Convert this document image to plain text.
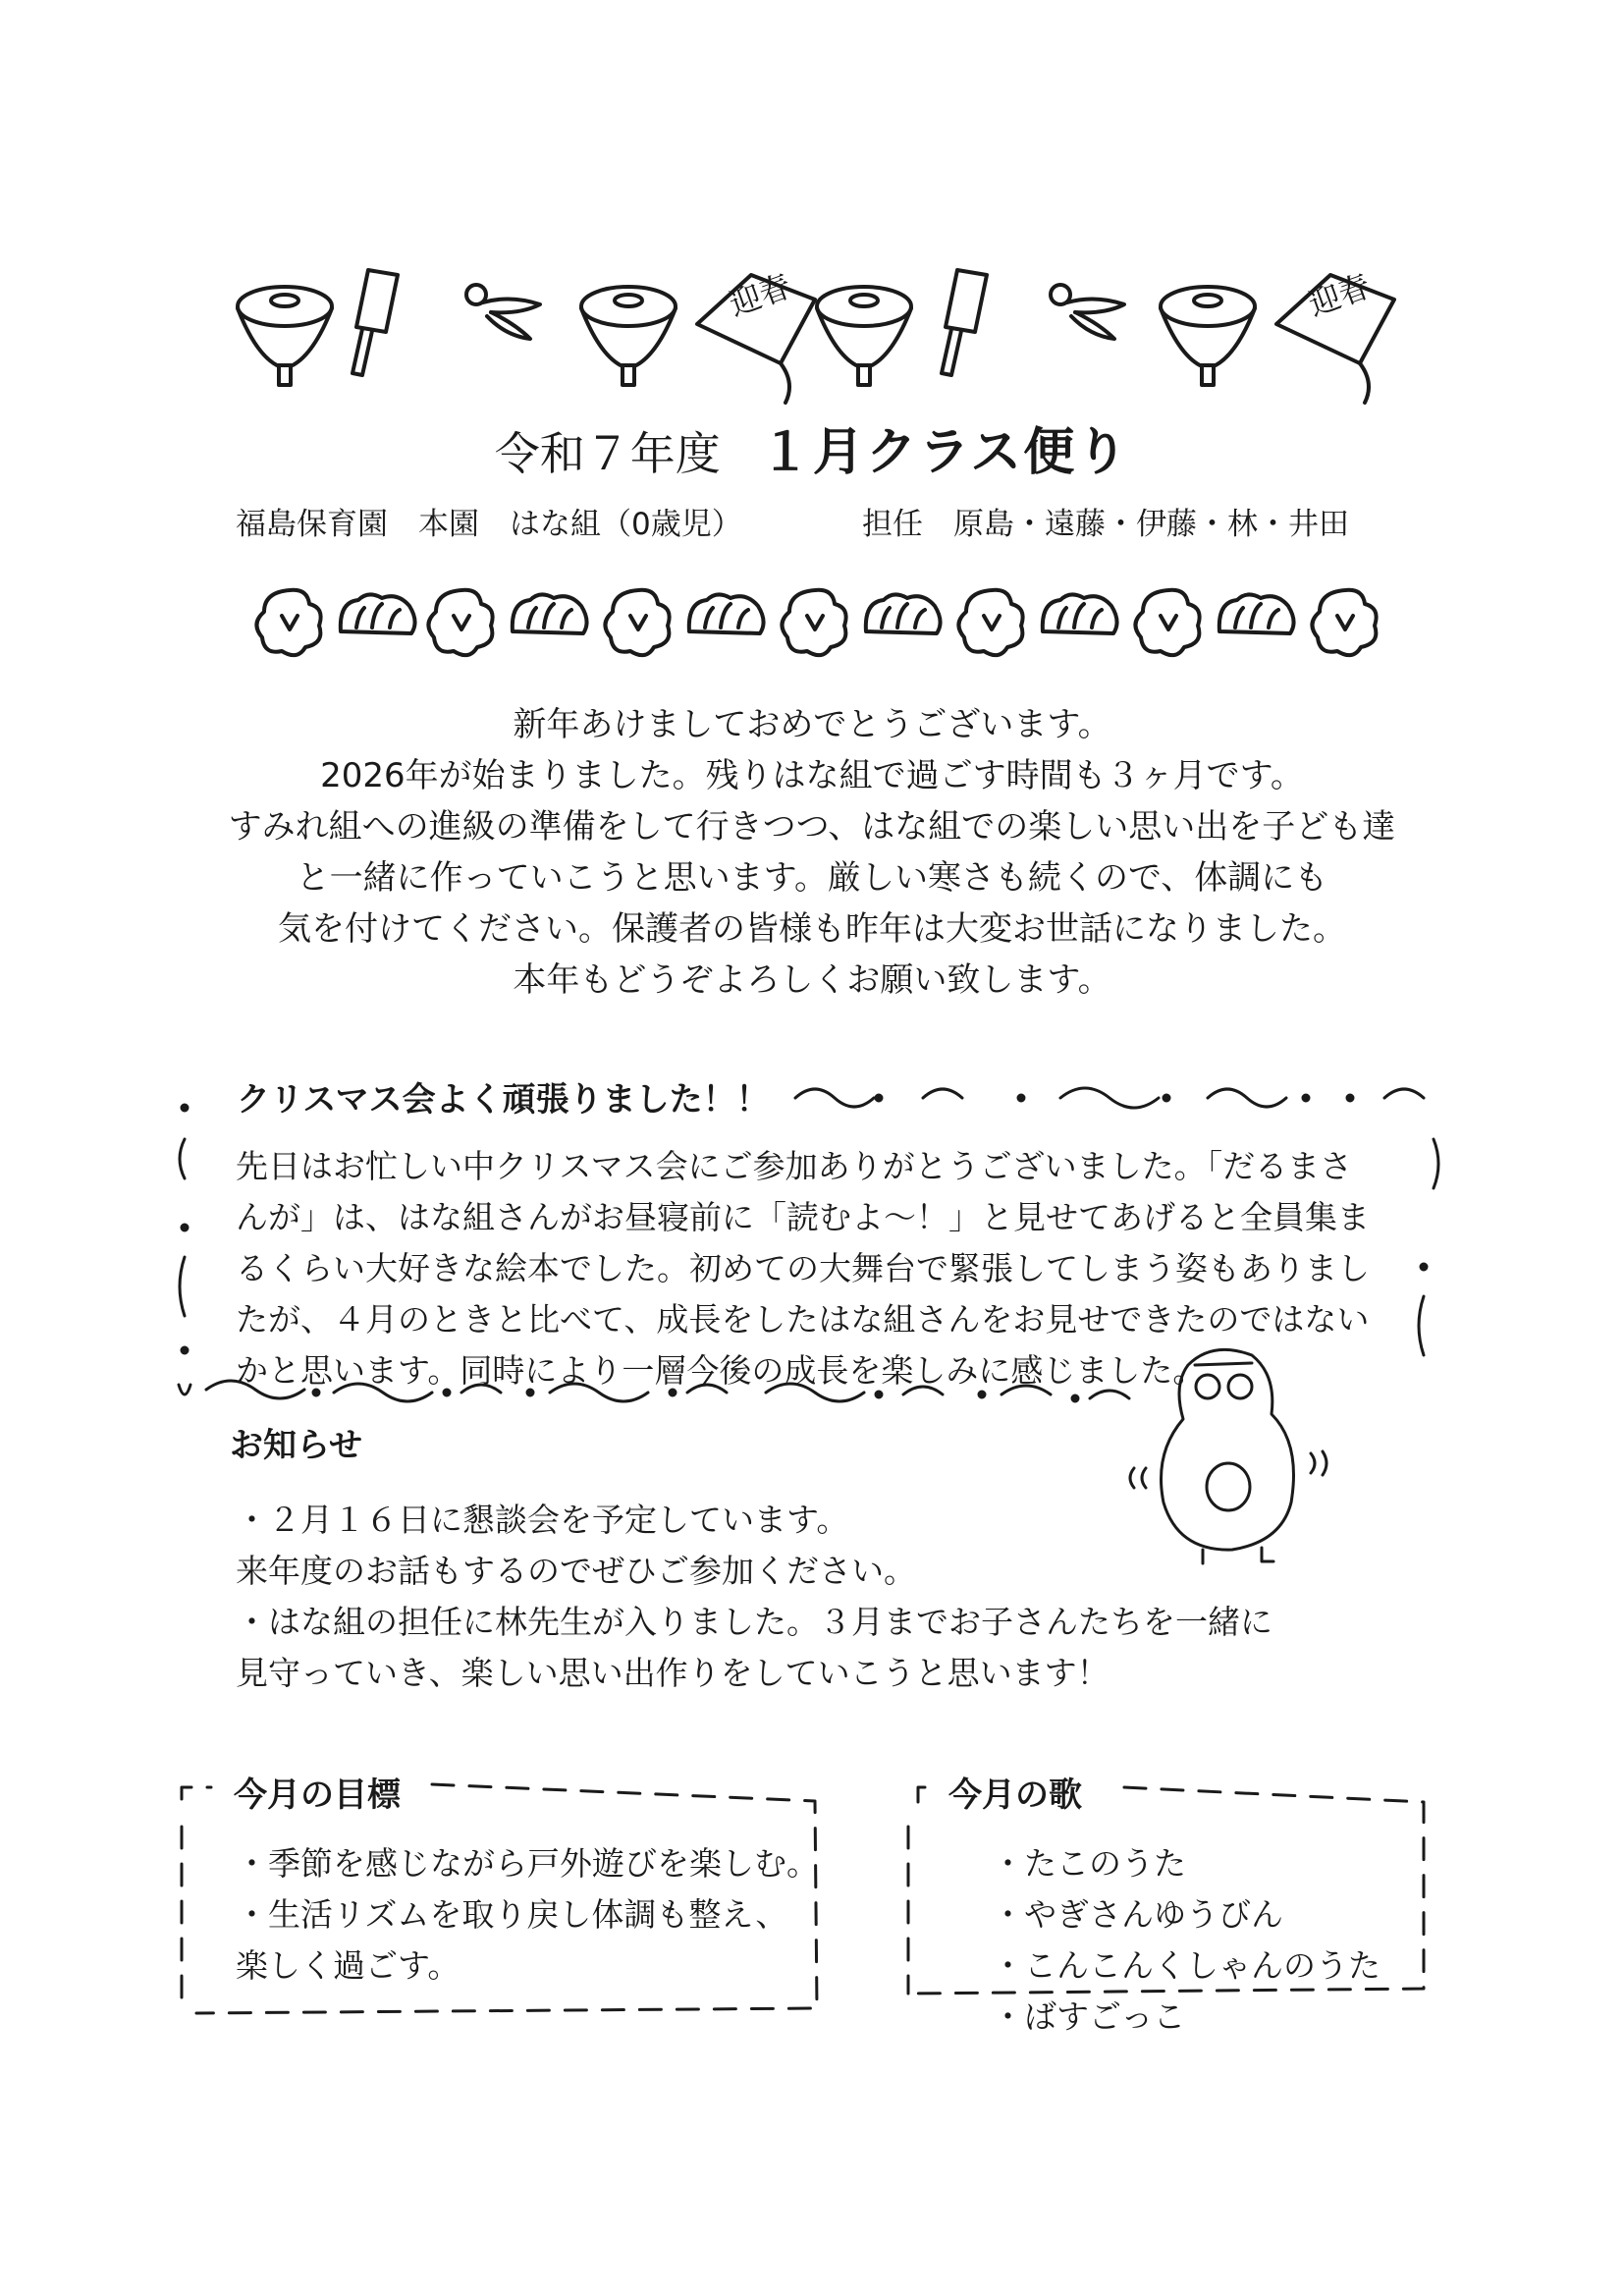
迎春	迎春
令和７年度 １月クラス便り
福島保育園　本園　はな組（0歳児）	担任　原島・遠藤・伊藤・林・井田
新年あけましておめでとうございます。
2026年が始まりました。残りはな組で過ごす時間も３ヶ月です。
すみれ組への進級の準備をして行きつつ、はな組での楽しい思い出を子ども達
と一緒に作っていこうと思います。厳しい寒さも続くので、体調にも
気を付けてください。保護者の皆様も昨年は大変お世話になりました。
本年もどうぞよろしくお願い致します。
クリスマス会よく頑張りました！！
先日はお忙しい中クリスマス会にご参加ありがとうございました。「だるまさ
んが」は、はな組さんがお昼寝前に「読むよ～！」と見せてあげると全員集ま
るくらい大好きな絵本でした。初めての大舞台で緊張してしまう姿もありまし
たが、４月のときと比べて、成長をしたはな組さんをお見せできたのではない
かと思います。同時により一層今後の成長を楽しみに感じました。
お知らせ
・２月１６日に懇談会を予定しています。
来年度のお話もするのでぜひご参加ください。
・はな組の担任に林先生が入りました。３月までお子さんたちを一緒に
見守っていき、楽しい思い出作りをしていこうと思います！
今月の目標
・季節を感じながら戸外遊びを楽しむ。
・生活リズムを取り戻し体調も整え、
楽しく過ごす。
今月の歌
・たこのうた
・やぎさんゆうびん
・こんこんくしゃんのうた
・ばすごっこ
